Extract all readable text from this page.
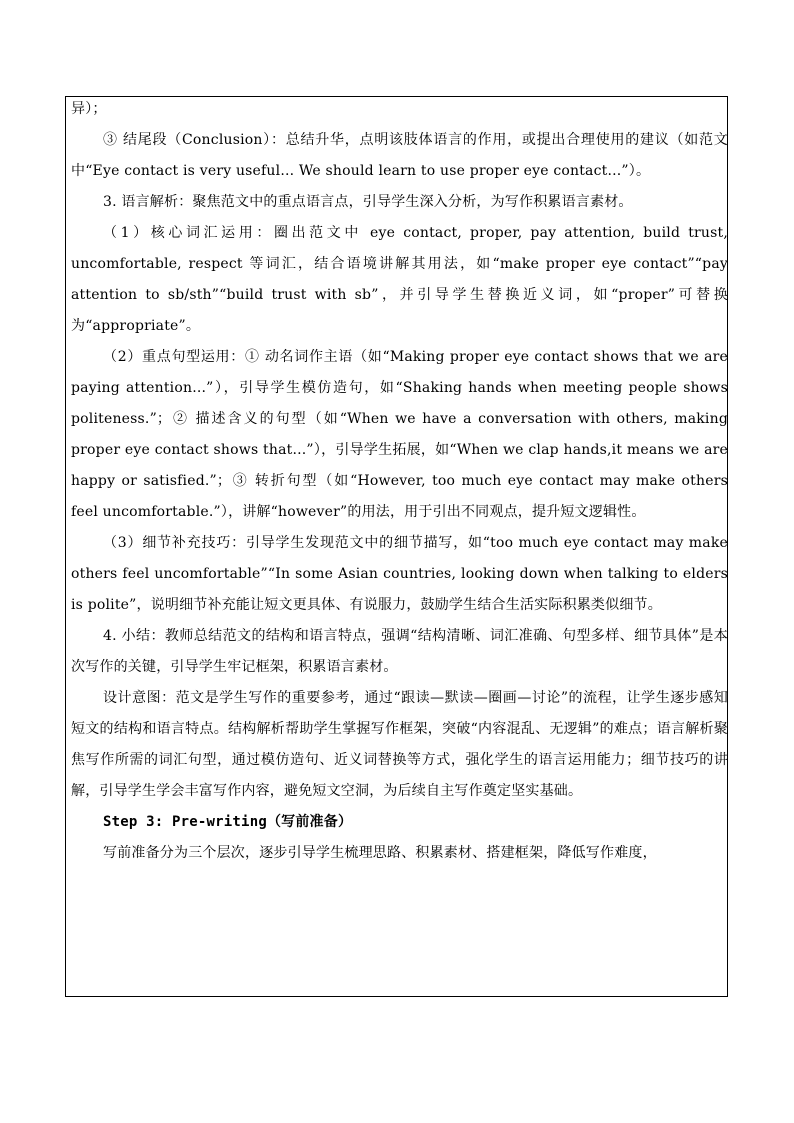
异）；

③ 结尾段（Conclusion）：总结升华，点明该肢体语言的作用，或提出合理使用的建议（如范文中“Eye contact is very useful... We should learn to use proper eye contact...”）。

3. 语言解析：聚焦范文中的重点语言点，引导学生深入分析，为写作积累语言素材。

（1）核心词汇运用：圈出范文中 eye contact, proper, pay attention, build trust, uncomfortable, respect 等词汇，结合语境讲解其用法，如“make proper eye contact”“pay attention to sb/sth”“build trust with sb”，并引导学生替换近义词，如“proper”可替换为“appropriate”。

（2）重点句型运用：① 动名词作主语（如“Making proper eye contact shows that we are paying attention...”），引导学生模仿造句，如“Shaking hands when meeting people shows politeness.”；② 描述含义的句型（如“When we have a conversation with others, making proper eye contact shows that...”），引导学生拓展，如“When we clap hands,it means we are happy or satisfied.”；③ 转折句型（如“However, too much eye contact may make others feel uncomfortable.”），讲解“however”的用法，用于引出不同观点，提升短文逻辑性。

（3）细节补充技巧：引导学生发现范文中的细节描写，如“too much eye contact may make others feel uncomfortable”“In some Asian countries, looking down when talking to elders is polite”，说明细节补充能让短文更具体、有说服力，鼓励学生结合生活实际积累类似细节。

4. 小结：教师总结范文的结构和语言特点，强调“结构清晰、词汇准确、句型多样、细节具体”是本次写作的关键，引导学生牢记框架，积累语言素材。

设计意图：范文是学生写作的重要参考，通过“跟读—默读—圈画—讨论”的流程，让学生逐步感知短文的结构和语言特点。结构解析帮助学生掌握写作框架，突破“内容混乱、无逻辑”的难点；语言解析聚焦写作所需的词汇句型，通过模仿造句、近义词替换等方式，强化学生的语言运用能力；细节技巧的讲解，引导学生学会丰富写作内容，避免短文空洞，为后续自主写作奠定坚实基础。

Step 3: Pre-writing（写前准备）

写前准备分为三个层次，逐步引导学生梳理思路、积累素材、搭建框架，降低写作难度，
